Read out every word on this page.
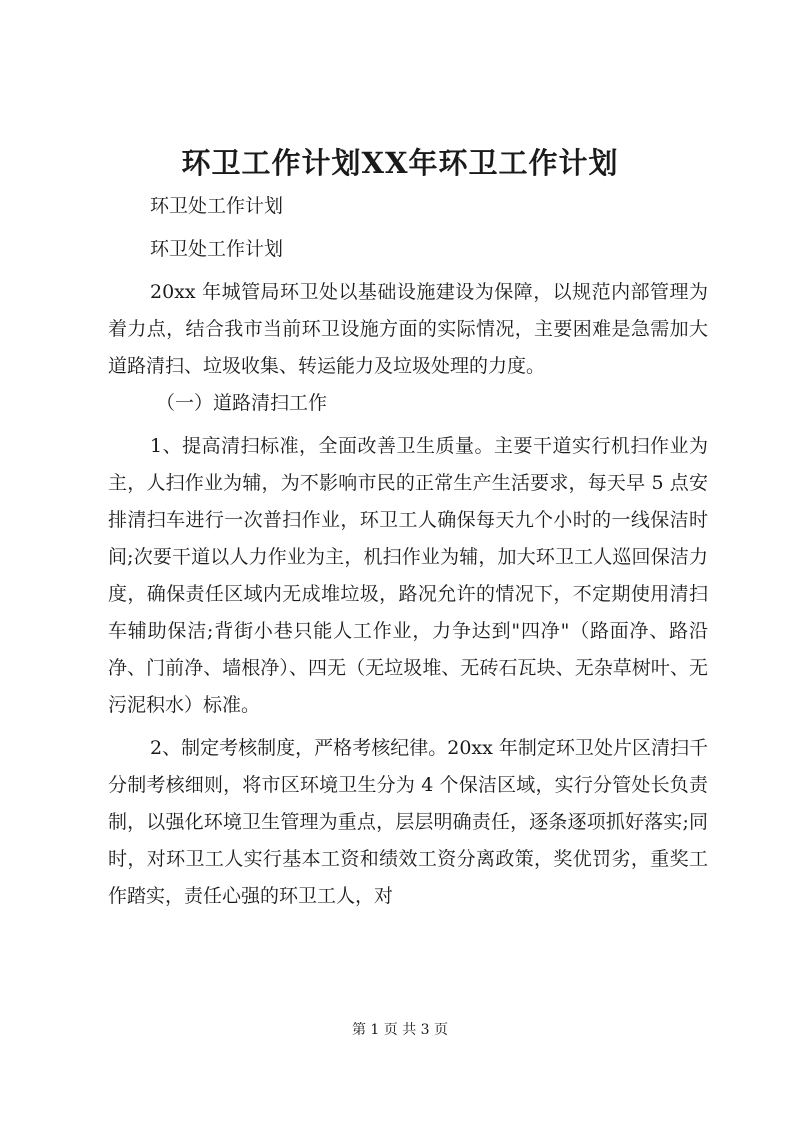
环卫工作计划XX年环卫工作计划

环卫处工作计划

环卫处工作计划

20xx 年城管局环卫处以基础设施建设为保障，以规范内部管理为着力点，结合我市当前环卫设施方面的实际情况，主要困难是急需加大道路清扫、垃圾收集、转运能力及垃圾处理的力度。

（一）道路清扫工作

1、提高清扫标准，全面改善卫生质量。主要干道实行机扫作业为主，人扫作业为辅，为不影响市民的正常生产生活要求，每天早 5 点安排清扫车进行一次普扫作业，环卫工人确保每天九个小时的一线保洁时间;次要干道以人力作业为主，机扫作业为辅，加大环卫工人巡回保洁力度，确保责任区域内无成堆垃圾，路况允许的情况下，不定期使用清扫车辅助保洁;背街小巷只能人工作业，力争达到"四净"（路面净、路沿净、门前净、墙根净）、四无（无垃圾堆、无砖石瓦块、无杂草树叶、无污泥积水）标准。

2、制定考核制度，严格考核纪律。20xx 年制定环卫处片区清扫千分制考核细则，将市区环境卫生分为 4 个保洁区域，实行分管处长负责制，以强化环境卫生管理为重点，层层明确责任，逐条逐项抓好落实;同时，对环卫工人实行基本工资和绩效工资分离政策，奖优罚劣，重奖工作踏实，责任心强的环卫工人，对

第 1 页 共 3 页
